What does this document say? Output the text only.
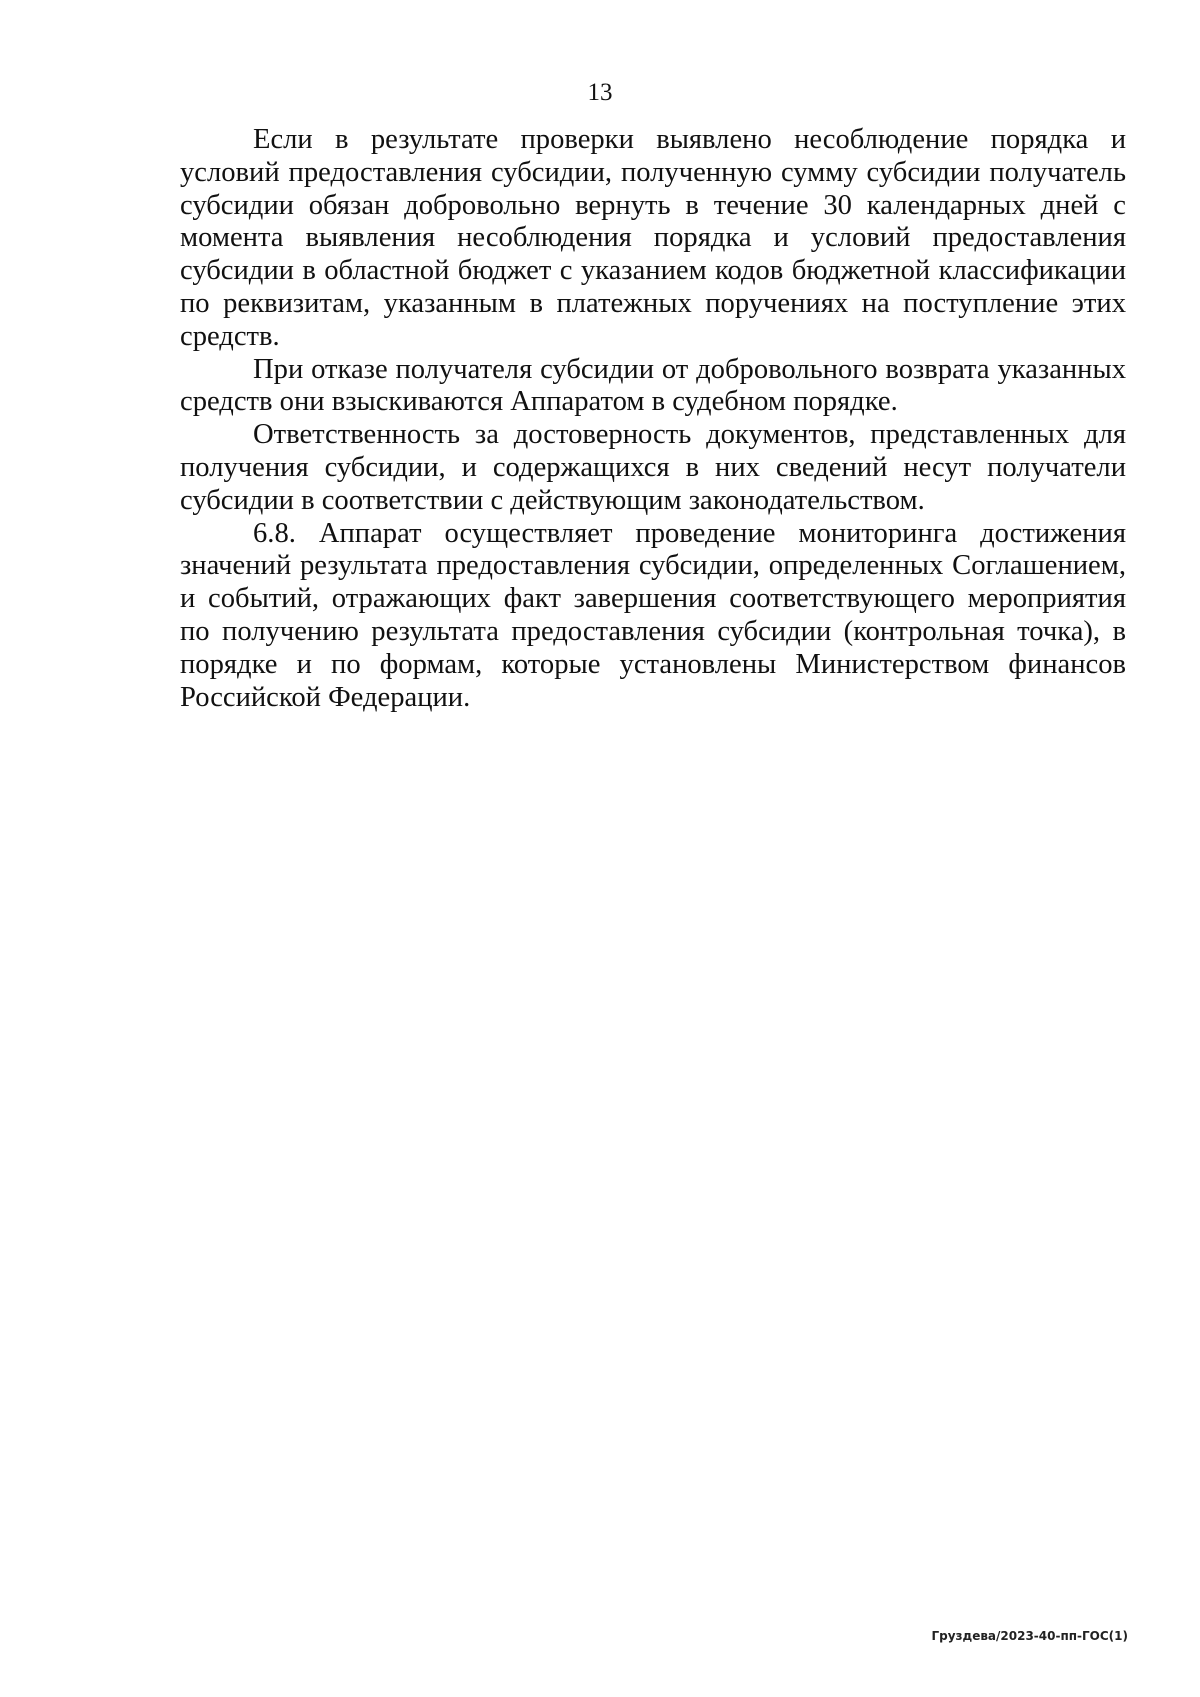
13

Если в результате проверки выявлено несоблюдение порядка и условий предоставления субсидии, полученную сумму субсидии получатель субсидии обязан добровольно вернуть в течение 30 календарных дней с момента выявления несоблюдения порядка и условий предоставления субсидии в областной бюджет с указанием кодов бюджетной классификации по реквизитам, указанным в платежных поручениях на поступление этих средств.

При отказе получателя субсидии от добровольного возврата указанных средств они взыскиваются Аппаратом в судебном порядке.

Ответственность за достоверность документов, представленных для получения субсидии, и содержащихся в них сведений несут получатели субсидии в соответствии с действующим законодательством.

6.8. Аппарат осуществляет проведение мониторинга достижения значений результата предоставления субсидии, определенных Соглашением, и событий, отражающих факт завершения соответствующего мероприятия по получению результата предоставления субсидии (контрольная точка), в порядке и по формам, которые установлены Министерством финансов Российской Федерации.

Груздева/2023-40-пп-ГОС(1)
